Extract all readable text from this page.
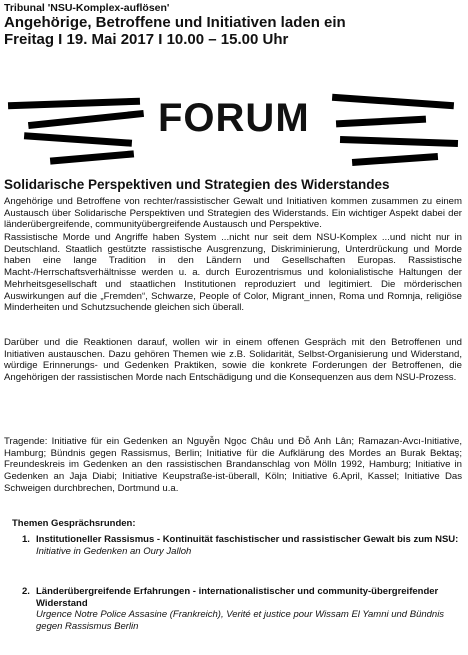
Tribunal 'NSU-Komplex-auflösen'
Angehörige, Betroffene und Initiativen laden ein
Freitag I 19. Mai 2017 I 10.00 – 15.00 Uhr
FORUM
Solidarische Perspektiven und Strategien des Widerstandes

Angehörige und Betroffene von rechter/rassistischer Gewalt und Initiativen kommen zusammen zu einem Austausch über Solidarische Perspektiven und Strategien des Widerstands. Ein wichtiger Aspekt dabei der länderübergreifende, communityübergreifende Austausch und Perspektive.

Rassistische Morde und Angriffe haben System ...nicht nur seit dem NSU-Komplex ...und nicht nur in Deutschland. Staatlich gestützte rassistische Ausgrenzung, Diskriminierung, Unterdrückung und Morde haben eine lange Tradition in den Ländern und Gesellschaften Europas. Rassistische Macht-/Herrschaftsverhältnisse werden u. a. durch Eurozentrismus und kolonialistische Haltungen der Mehrheitsgesellschaft und staatlichen Institutionen reproduziert und legitimiert. Die mörderischen Auswirkungen auf die „Fremden“, Schwarze, People of Color, Migrant_innen, Roma und Romnja, religiöse Minderheiten und Schutzsuchende gleichen sich überall.

Darüber und die Reaktionen darauf, wollen wir in einem offenen Gespräch mit den Betroffenen und Initiativen austauschen. Dazu gehören Themen wie z.B. Solidarität, Selbst-Organisierung und Widerstand, würdige Erinnerungs- und Gedenken Praktiken, sowie die konkrete Forderungen der Betroffenen, die Angehörigen der rassistischen Morde nach Entschädigung und die Konsequenzen aus dem NSU-Prozess.

Tragende: Initiative für ein Gedenken an Nguyễn Ngọc Châu und Đỗ Anh Lân; Ramazan-Avcı-Initiative, Hamburg; Bündnis gegen Rassismus, Berlin; Initiative für die Aufklärung des Mordes an Burak Bektaş; Freundeskreis im Gedenken an den rassistischen Brandanschlag von Mölln 1992, Hamburg; Initiative in Gedenken an Jaja Diabi; Initiative Keupstraße-ist-überall, Köln; Initiative 6.April, Kassel; Initiative Das Schweigen durchbrechen, Dortmund u.a.

Themen Gesprächsrunden:
1. Institutioneller Rassismus - Kontinuität faschistischer und rassistischer Gewalt bis zum NSU:
Initiative in Gedenken an Oury Jalloh
2. Länderübergreifende Erfahrungen - internationalistischer und community-übergreifender Widerstand
Urgence Notre Police Assasine (Frankreich), Verité et justice pour Wissam El Yamni und Bündnis gegen Rassismus Berlin
